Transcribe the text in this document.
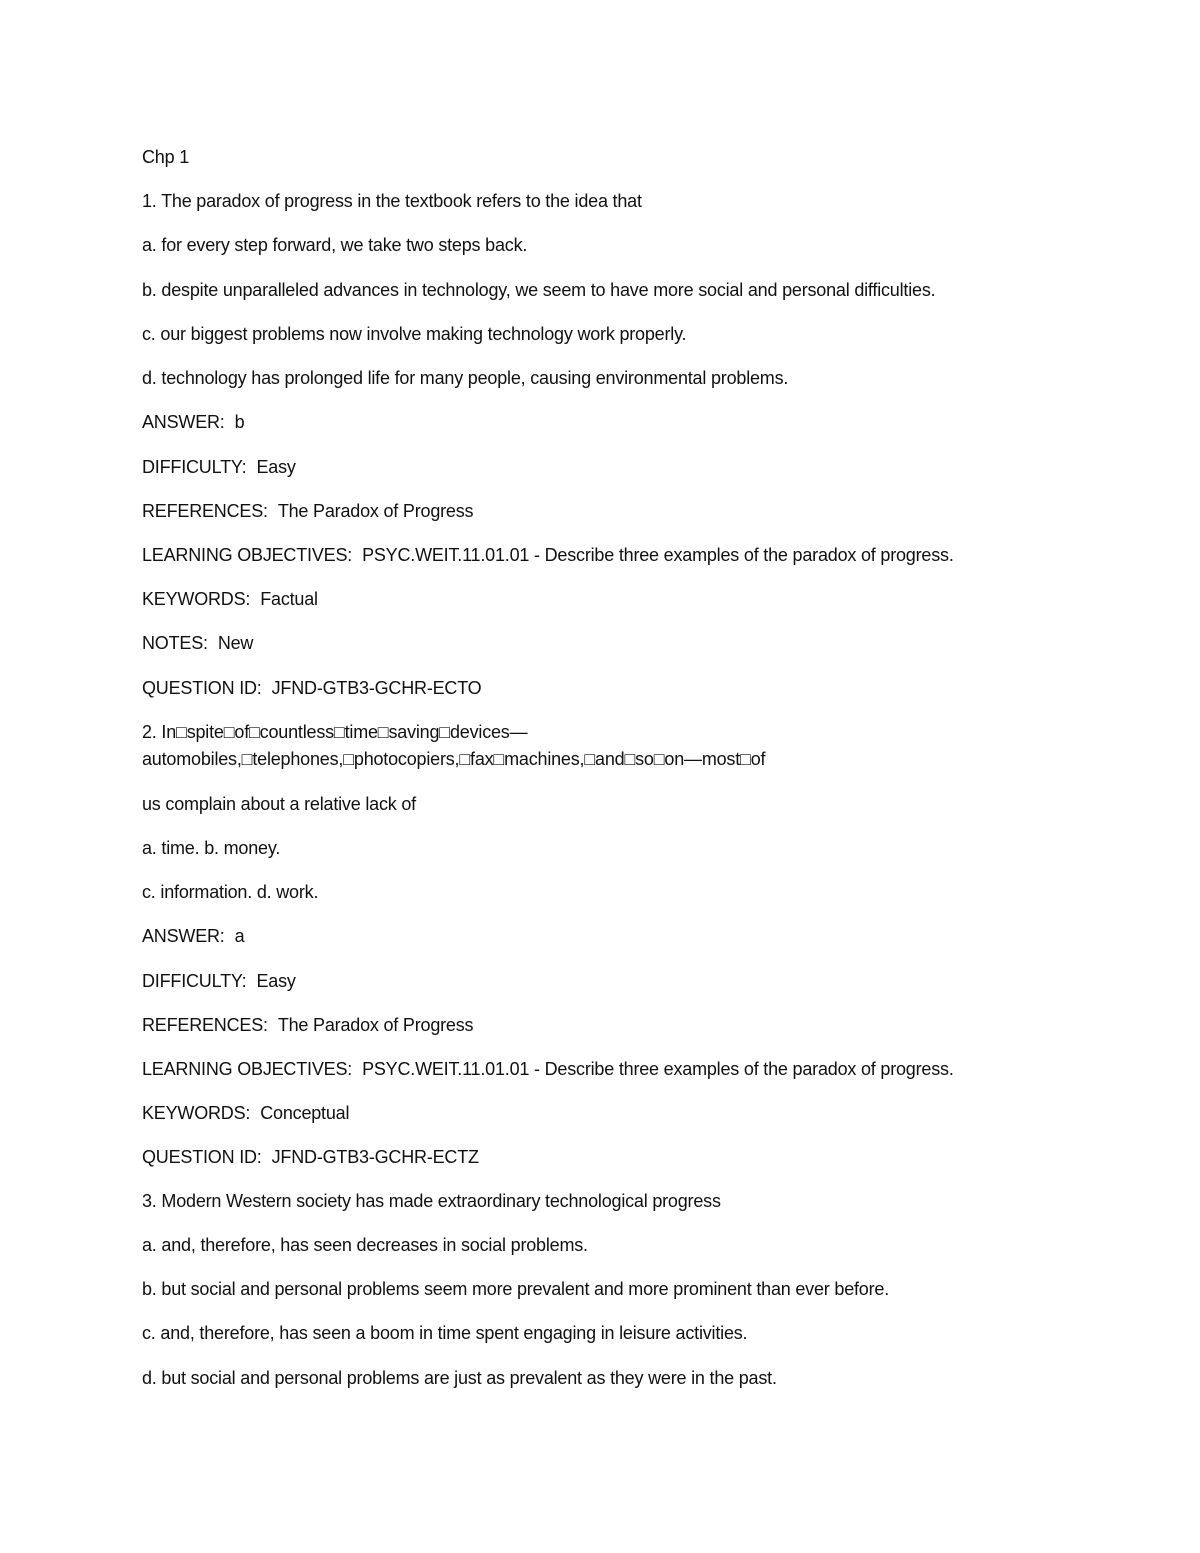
Chp 1

1. The paradox of progress in the textbook refers to the idea that

a. for every step forward, we take two steps back.

b. despite unparalleled advances in technology, we seem to have more social and personal difficulties.

c. our biggest problems now involve making technology work properly.

d. technology has prolonged life for many people, causing environmental problems.

ANSWER: b

DIFFICULTY: Easy

REFERENCES: The Paradox of Progress

LEARNING OBJECTIVES: PSYC.WEIT.11.01.01 - Describe three examples of the paradox of progress.

KEYWORDS: Factual

NOTES: New

QUESTION ID: JFND-GTB3-GCHR-ECTO

2. In□spite□of□countless□time□saving□devices—

automobiles,□telephones,□photocopiers,□fax□machines,□and□so□on—most□of

us complain about a relative lack of

a. time. b. money.

c. information. d. work.

ANSWER: a

DIFFICULTY: Easy

REFERENCES: The Paradox of Progress

LEARNING OBJECTIVES: PSYC.WEIT.11.01.01 - Describe three examples of the paradox of progress.

KEYWORDS: Conceptual

QUESTION ID: JFND-GTB3-GCHR-ECTZ

3. Modern Western society has made extraordinary technological progress

a. and, therefore, has seen decreases in social problems.

b. but social and personal problems seem more prevalent and more prominent than ever before.

c. and, therefore, has seen a boom in time spent engaging in leisure activities.

d. but social and personal problems are just as prevalent as they were in the past.
